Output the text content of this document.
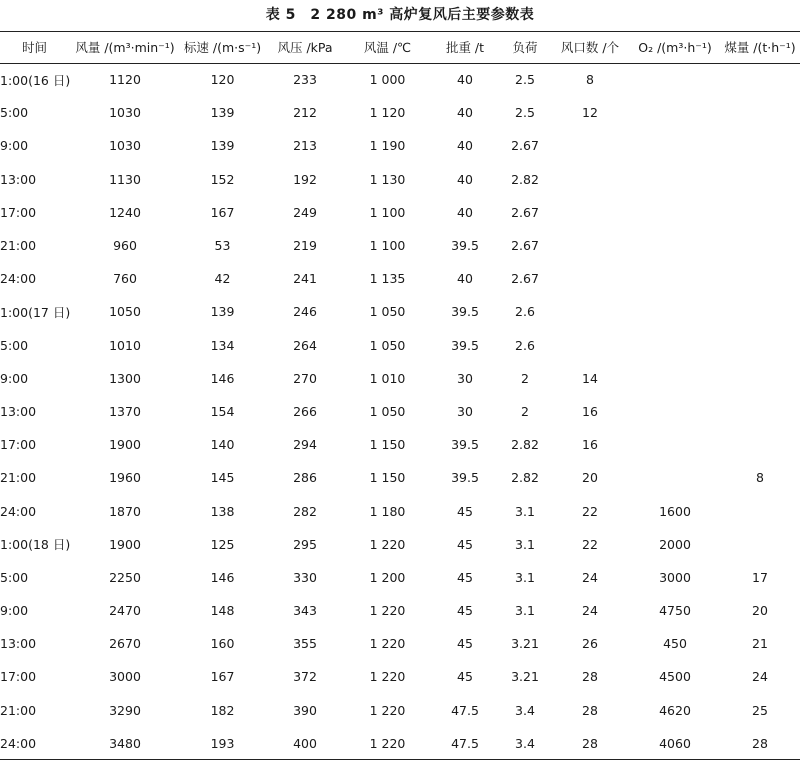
表 5　2 280 m³ 高炉复风后主要参数表
时间	风量 /(m³·min⁻¹)	标速 /(m·s⁻¹)	风压 /kPa	风温 /℃	批重 /t	负荷	风口数 /个	O₂ /(m³·h⁻¹)	煤量 /(t·h⁻¹)
1:00(16 日)	1120	120	233	1 000	40	2.5	8		
5:00	1030	139	212	1 120	40	2.5	12		
9:00	1030	139	213	1 190	40	2.67			
13:00	1130	152	192	1 130	40	2.82			
17:00	1240	167	249	1 100	40	2.67			
21:00	960	53	219	1 100	39.5	2.67			
24:00	760	42	241	1 135	40	2.67			
1:00(17 日)	1050	139	246	1 050	39.5	2.6			
5:00	1010	134	264	1 050	39.5	2.6			
9:00	1300	146	270	1 010	30	2	14		
13:00	1370	154	266	1 050	30	2	16		
17:00	1900	140	294	1 150	39.5	2.82	16		
21:00	1960	145	286	1 150	39.5	2.82	20		8
24:00	1870	138	282	1 180	45	3.1	22	1600	
1:00(18 日)	1900	125	295	1 220	45	3.1	22	2000	
5:00	2250	146	330	1 200	45	3.1	24	3000	17
9:00	2470	148	343	1 220	45	3.1	24	4750	20
13:00	2670	160	355	1 220	45	3.21	26	450	21
17:00	3000	167	372	1 220	45	3.21	28	4500	24
21:00	3290	182	390	1 220	47.5	3.4	28	4620	25
24:00	3480	193	400	1 220	47.5	3.4	28	4060	28
